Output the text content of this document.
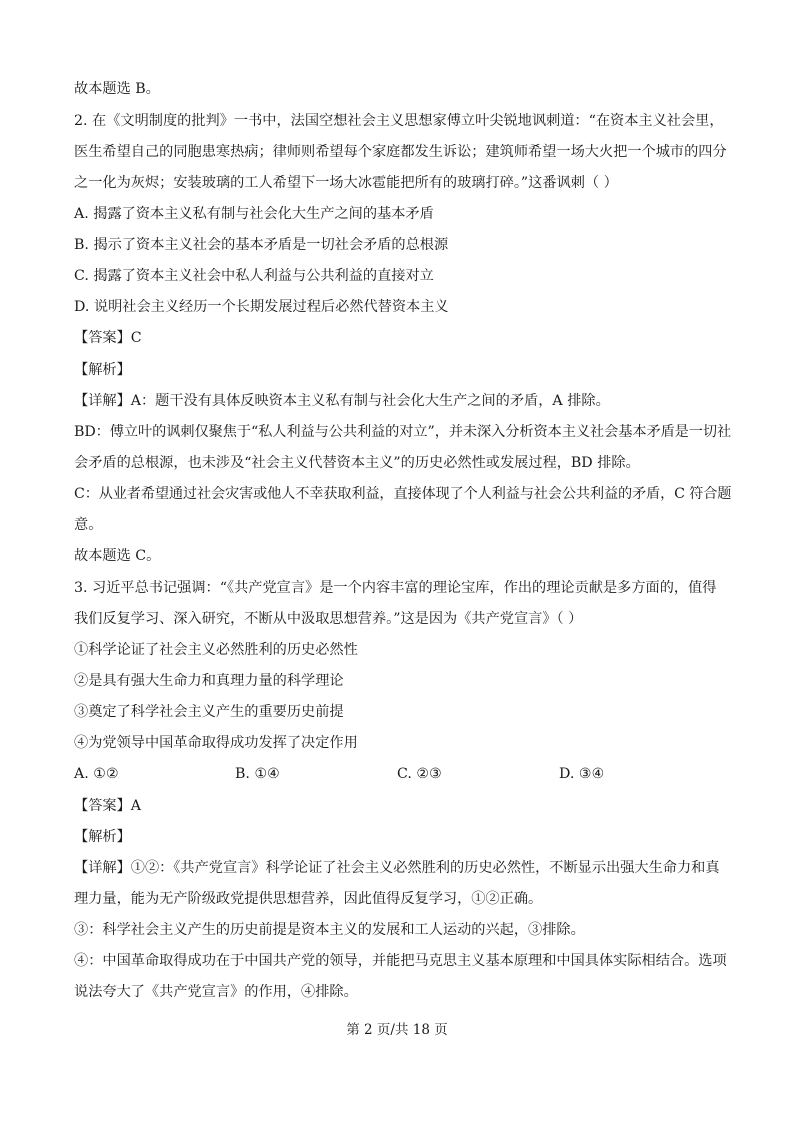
故本题选 B。
2. 在《文明制度的批判》一书中，法国空想社会主义思想家傅立叶尖锐地讽刺道：“在资本主义社会里，
医生希望自己的同胞患寒热病；律师则希望每个家庭都发生诉讼；建筑师希望一场大火把一个城市的四分
之一化为灰烬；安装玻璃的工人希望下一场大冰雹能把所有的玻璃打碎。”这番讽刺（ ）
A. 揭露了资本主义私有制与社会化大生产之间的基本矛盾
B. 揭示了资本主义社会的基本矛盾是一切社会矛盾的总根源
C. 揭露了资本主义社会中私人利益与公共利益的直接对立
D. 说明社会主义经历一个长期发展过程后必然代替资本主义
【答案】C
【解析】
【详解】A：题干没有具体反映资本主义私有制与社会化大生产之间的矛盾，A 排除。
BD：傅立叶的讽刺仅聚焦于“私人利益与公共利益的对立”，并未深入分析资本主义社会基本矛盾是一切社
会矛盾的总根源，也未涉及“社会主义代替资本主义”的历史必然性或发展过程，BD 排除。
C：从业者希望通过社会灾害或他人不幸获取利益，直接体现了个人利益与社会公共利益的矛盾，C 符合题
意。
故本题选 C。
3. 习近平总书记强调：“《共产党宣言》是一个内容丰富的理论宝库，作出的理论贡献是多方面的，值得
我们反复学习、深入研究，不断从中汲取思想营养。”这是因为《共产党宣言》（ ）
①科学论证了社会主义必然胜利的历史必然性
②是具有强大生命力和真理力量的科学理论
③奠定了科学社会主义产生的重要历史前提
④为党领导中国革命取得成功发挥了决定作用
A. ①②	B. ①④	C. ②③	D. ③④
【答案】A
【解析】
【详解】①②：《共产党宣言》科学论证了社会主义必然胜利的历史必然性，不断显示出强大生命力和真
理力量，能为无产阶级政党提供思想营养，因此值得反复学习，①②正确。
③：科学社会主义产生的历史前提是资本主义的发展和工人运动的兴起，③排除。
④：中国革命取得成功在于中国共产党的领导，并能把马克思主义基本原理和中国具体实际相结合。选项
说法夸大了《共产党宣言》的作用，④排除。
第 2 页/共 18 页
